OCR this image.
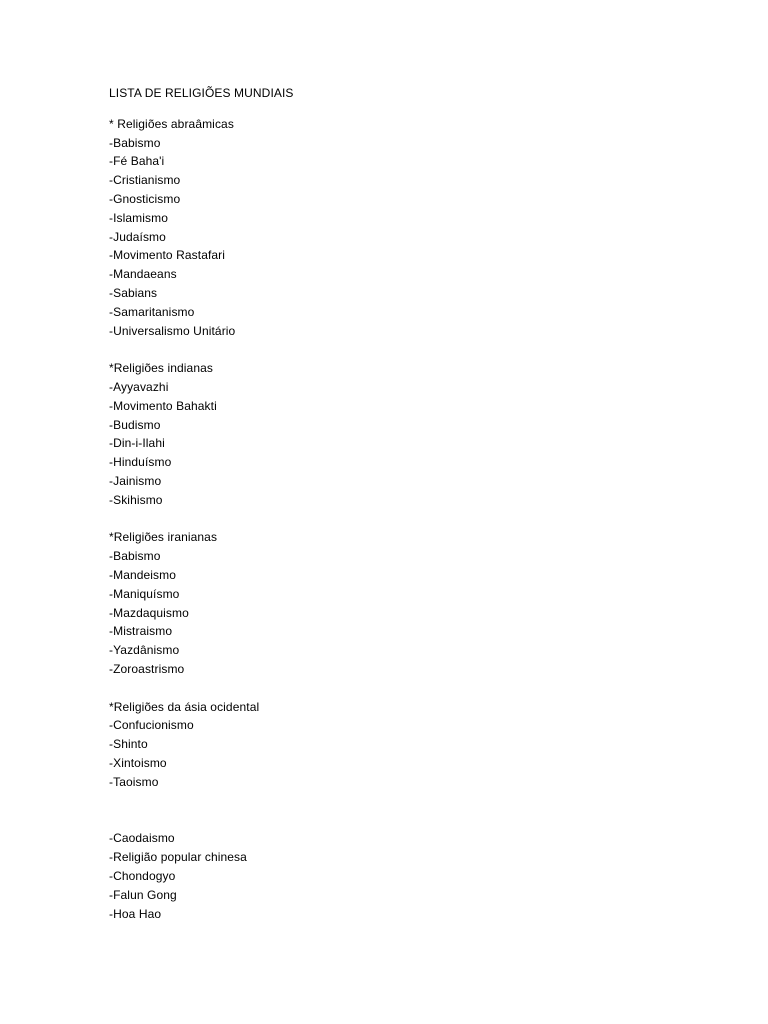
LISTA DE RELIGIÕES MUNDIAIS

* Religiões abraâmicas

-Babismo
-Fé Baha'i
-Cristianismo
-Gnosticismo
-Islamismo
-Judaísmo
-Movimento Rastafari
-Mandaeans
-Sabians
-Samaritanismo
-Universalismo Unitário

*Religiões indianas

-Ayyavazhi
-Movimento Bahakti
-Budismo
-Din-i-Ilahi
-Hinduísmo
-Jainismo
-Skihismo

*Religiões iranianas

-Babismo
-Mandeismo
-Maniquísmo
-Mazdaquismo
-Mistraismo
-Yazdânismo
-Zoroastrismo

*Religiões da ásia ocidental

-Confucionismo
-Shinto
-Xintoismo
-Taoismo
-Caodaismo
-Religião popular chinesa
-Chondogyo
-Falun Gong
-Hoa Hao
